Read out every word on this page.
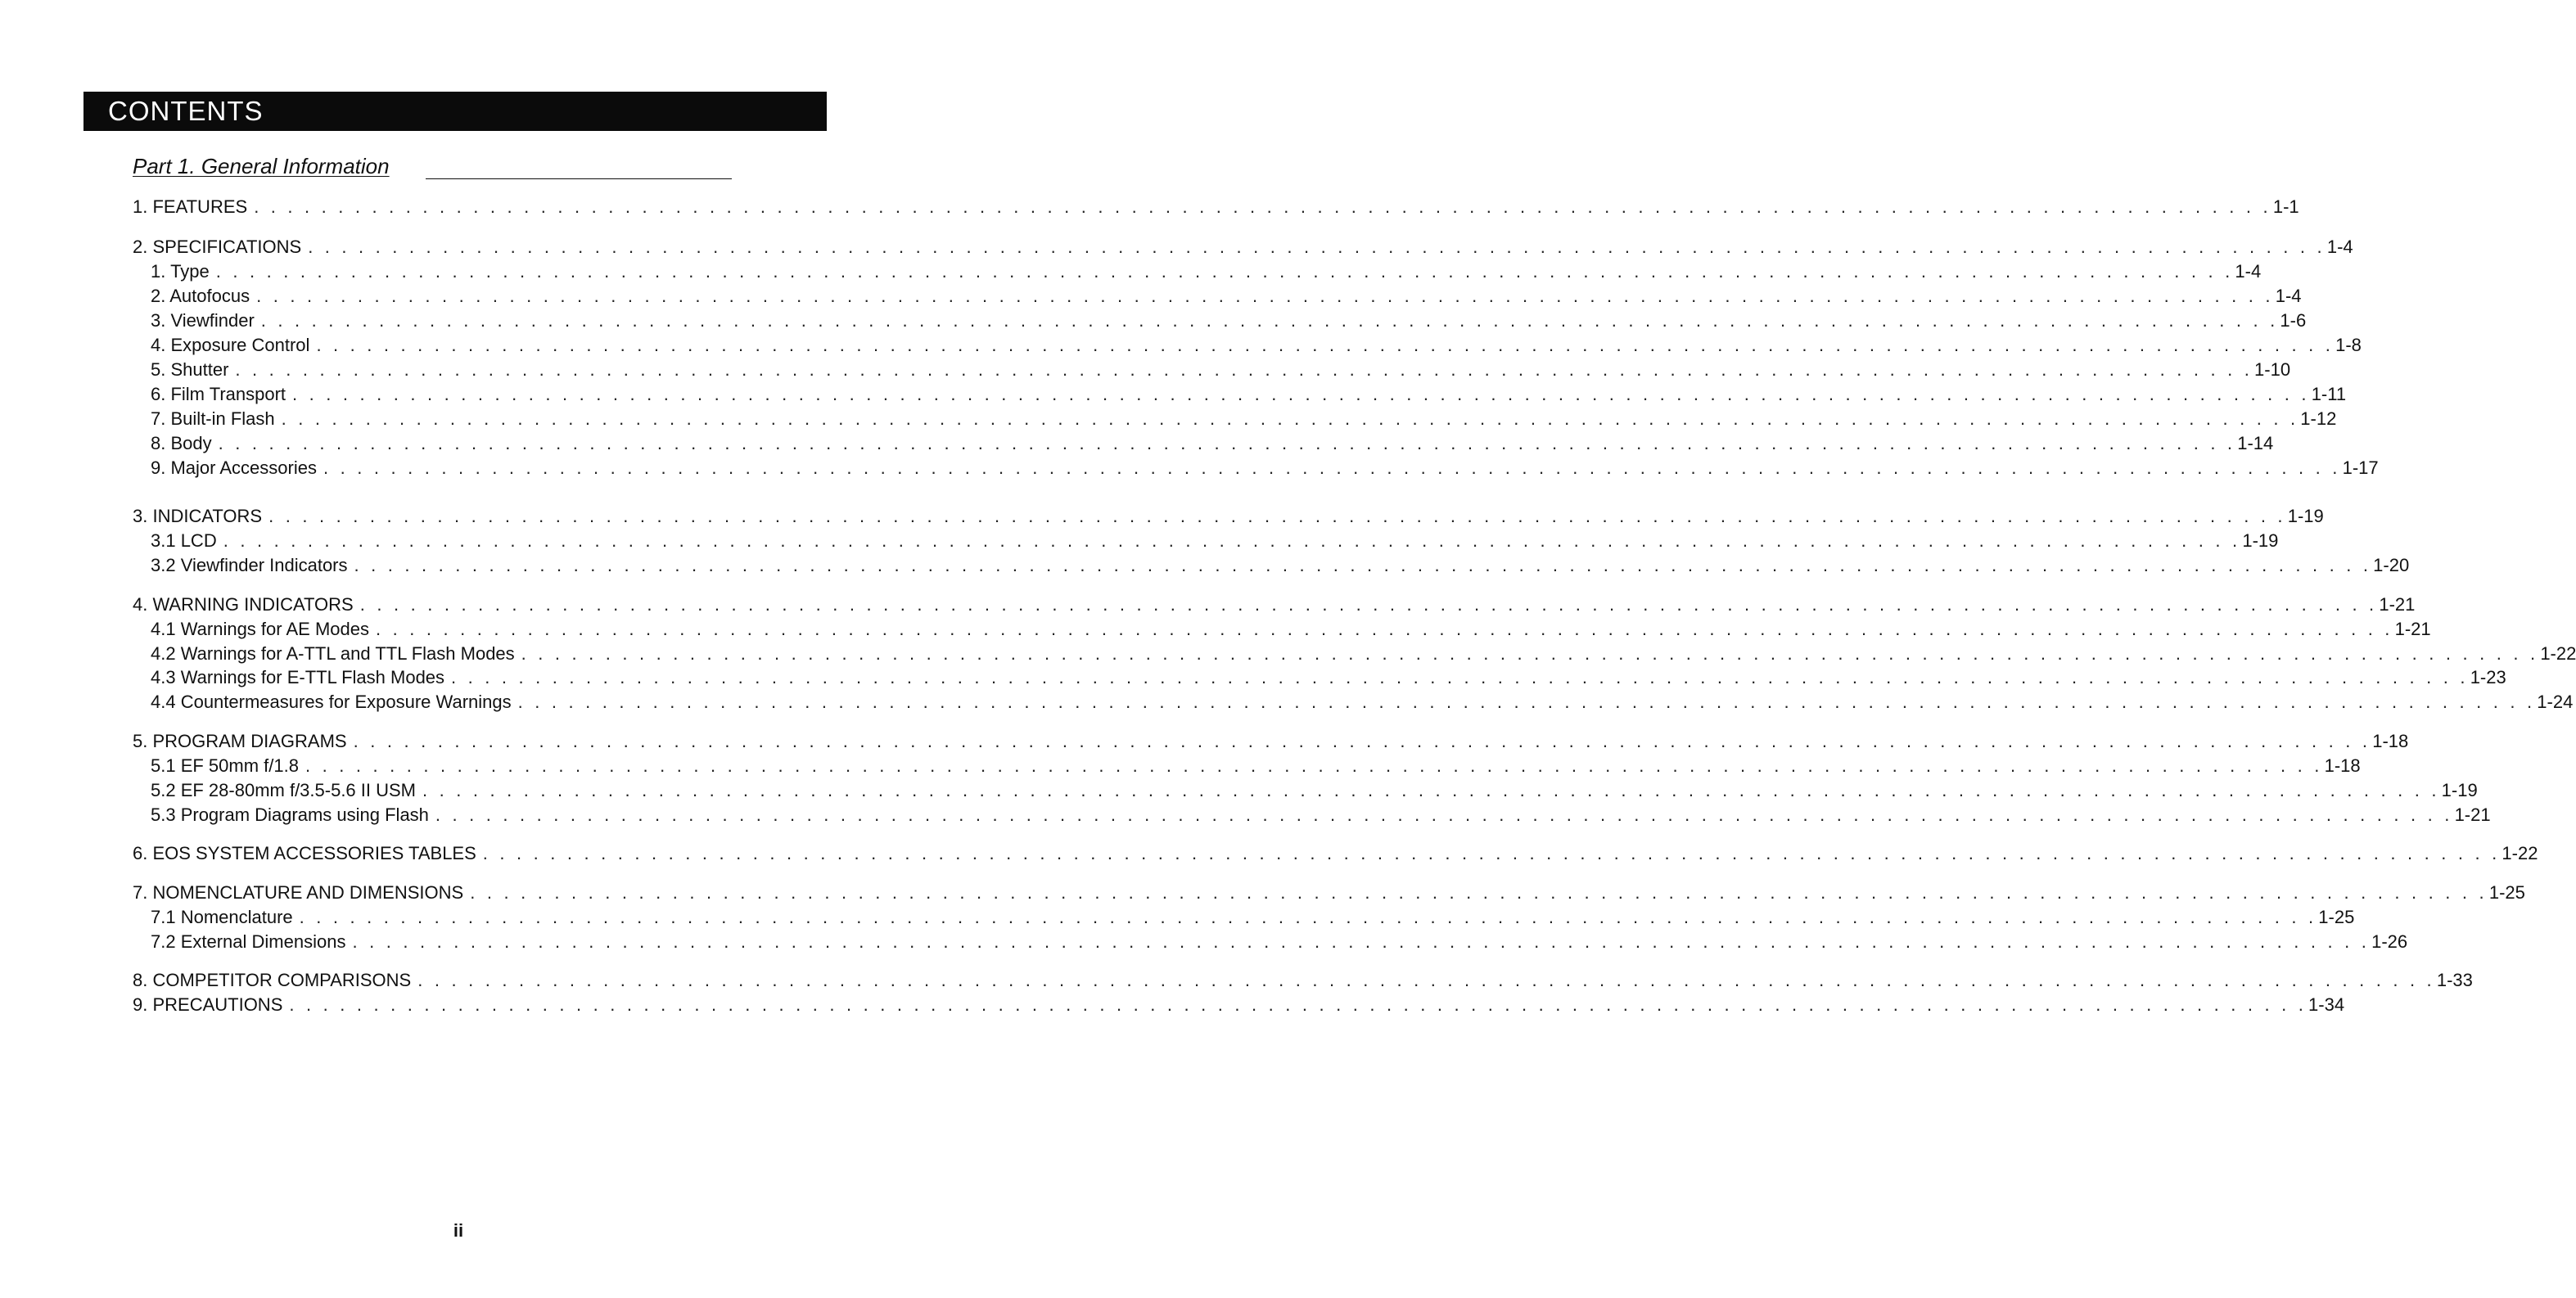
CONTENTS
Part 1. General Information
1. FEATURES . . . . . . . . . . . . . . . . . . . . . . . . . . . . . . . . . . . . . . . . . . . . . . . . . . . . . . . . . . . . . . . . . . . . . . . . . . . . . . . . . . . . . . . . . . . . . . . . . . . . . . . . . . . . . . . . . . . . . . . . 1-1
2. SPECIFICATIONS . . . . . . . . . . . . . . . . . . . . . . . . . . . . . . . . . . . . . . . . . . . . . . . . . . . . . . . . . . . . . . . . . . . . . . . . . . . . . . . . . . . . . . . . . . . . . . . . . . . . . . . . . . . . . . . . . . . . . . . . 1-4
1. Type . . . . . . . . . . . . . . . . . . . . . . . . . . . . . . . . . . . . . . . . . . . . . . . . . . . . . . . . . . . . . . . . . . . . . . . . . . . . . . . . . . . . . . . . . . . . . . . . . . . . . . . . . . . . . . . . . . . . . . . . 1-4
2. Autofocus . . . . . . . . . . . . . . . . . . . . . . . . . . . . . . . . . . . . . . . . . . . . . . . . . . . . . . . . . . . . . . . . . . . . . . . . . . . . . . . . . . . . . . . . . . . . . . . . . . . . . . . . . . . . . . . . . . . . . . . . 1-4
3. Viewfinder . . . . . . . . . . . . . . . . . . . . . . . . . . . . . . . . . . . . . . . . . . . . . . . . . . . . . . . . . . . . . . . . . . . . . . . . . . . . . . . . . . . . . . . . . . . . . . . . . . . . . . . . . . . . . . . . . . . . . . . . 1-6
4. Exposure Control . . . . . . . . . . . . . . . . . . . . . . . . . . . . . . . . . . . . . . . . . . . . . . . . . . . . . . . . . . . . . . . . . . . . . . . . . . . . . . . . . . . . . . . . . . . . . . . . . . . . . . . . . . . . . . . . . . . . . . . . 1-8
5. Shutter . . . . . . . . . . . . . . . . . . . . . . . . . . . . . . . . . . . . . . . . . . . . . . . . . . . . . . . . . . . . . . . . . . . . . . . . . . . . . . . . . . . . . . . . . . . . . . . . . . . . . . . . . . . . . . . . . . . . . . . . 1-10
6. Film Transport . . . . . . . . . . . . . . . . . . . . . . . . . . . . . . . . . . . . . . . . . . . . . . . . . . . . . . . . . . . . . . . . . . . . . . . . . . . . . . . . . . . . . . . . . . . . . . . . . . . . . . . . . . . . . . . . . . . . . . . . 1-11
7. Built-in Flash . . . . . . . . . . . . . . . . . . . . . . . . . . . . . . . . . . . . . . . . . . . . . . . . . . . . . . . . . . . . . . . . . . . . . . . . . . . . . . . . . . . . . . . . . . . . . . . . . . . . . . . . . . . . . . . . . . . . . . . . 1-12
8. Body . . . . . . . . . . . . . . . . . . . . . . . . . . . . . . . . . . . . . . . . . . . . . . . . . . . . . . . . . . . . . . . . . . . . . . . . . . . . . . . . . . . . . . . . . . . . . . . . . . . . . . . . . . . . . . . . . . . . . . . . 1-14
9. Major Accessories . . . . . . . . . . . . . . . . . . . . . . . . . . . . . . . . . . . . . . . . . . . . . . . . . . . . . . . . . . . . . . . . . . . . . . . . . . . . . . . . . . . . . . . . . . . . . . . . . . . . . . . . . . . . . . . . . . . . . . . . 1-17
3. INDICATORS . . . . . . . . . . . . . . . . . . . . . . . . . . . . . . . . . . . . . . . . . . . . . . . . . . . . . . . . . . . . . . . . . . . . . . . . . . . . . . . . . . . . . . . . . . . . . . . . . . . . . . . . . . . . . . . . . . . . . . . . 1-19
3.1 LCD . . . . . . . . . . . . . . . . . . . . . . . . . . . . . . . . . . . . . . . . . . . . . . . . . . . . . . . . . . . . . . . . . . . . . . . . . . . . . . . . . . . . . . . . . . . . . . . . . . . . . . . . . . . . . . . . . . . . . . . . 1-19
3.2 Viewfinder Indicators . . . . . . . . . . . . . . . . . . . . . . . . . . . . . . . . . . . . . . . . . . . . . . . . . . . . . . . . . . . . . . . . . . . . . . . . . . . . . . . . . . . . . . . . . . . . . . . . . . . . . . . . . . . . . . . . . . . . . . . . 1-20
4. WARNING INDICATORS . . . . . . . . . . . . . . . . . . . . . . . . . . . . . . . . . . . . . . . . . . . . . . . . . . . . . . . . . . . . . . . . . . . . . . . . . . . . . . . . . . . . . . . . . . . . . . . . . . . . . . . . . . . . . . . . . . . . . . . . 1-21
4.1 Warnings for AE Modes . . . . . . . . . . . . . . . . . . . . . . . . . . . . . . . . . . . . . . . . . . . . . . . . . . . . . . . . . . . . . . . . . . . . . . . . . . . . . . . . . . . . . . . . . . . . . . . . . . . . . . . . . . . . . . . . . . . . . . . . 1-21
4.2 Warnings for A-TTL and TTL Flash Modes . . . . . . . . . . . . . . . . . . . . . . . . . . . . . . . . . . . . . . . . . . . . . . . . . . . . . . . . . . . . . . . . . . . . . . . . . . . . . . . . . . . . . . . . . . . . . . . . . . . . . . . . . . . . . . . . . . . . . . . . 1-22
4.3 Warnings for E-TTL Flash Modes . . . . . . . . . . . . . . . . . . . . . . . . . . . . . . . . . . . . . . . . . . . . . . . . . . . . . . . . . . . . . . . . . . . . . . . . . . . . . . . . . . . . . . . . . . . . . . . . . . . . . . . . . . . . . . . . . . . . . . . . 1-23
4.4 Countermeasures for Exposure Warnings . . . . . . . . . . . . . . . . . . . . . . . . . . . . . . . . . . . . . . . . . . . . . . . . . . . . . . . . . . . . . . . . . . . . . . . . . . . . . . . . . . . . . . . . . . . . . . . . . . . . . . . . . . . . . . . . . . . . . . . . 1-24
5. PROGRAM DIAGRAMS . . . . . . . . . . . . . . . . . . . . . . . . . . . . . . . . . . . . . . . . . . . . . . . . . . . . . . . . . . . . . . . . . . . . . . . . . . . . . . . . . . . . . . . . . . . . . . . . . . . . . . . . . . . . . . . . . . . . . . . . 1-18
5.1 EF 50mm f/1.8 . . . . . . . . . . . . . . . . . . . . . . . . . . . . . . . . . . . . . . . . . . . . . . . . . . . . . . . . . . . . . . . . . . . . . . . . . . . . . . . . . . . . . . . . . . . . . . . . . . . . . . . . . . . . . . . . . . . . . . . . 1-18
5.2 EF 28-80mm f/3.5-5.6 II USM . . . . . . . . . . . . . . . . . . . . . . . . . . . . . . . . . . . . . . . . . . . . . . . . . . . . . . . . . . . . . . . . . . . . . . . . . . . . . . . . . . . . . . . . . . . . . . . . . . . . . . . . . . . . . . . . . . . . . . . . 1-19
5.3 Program Diagrams using Flash . . . . . . . . . . . . . . . . . . . . . . . . . . . . . . . . . . . . . . . . . . . . . . . . . . . . . . . . . . . . . . . . . . . . . . . . . . . . . . . . . . . . . . . . . . . . . . . . . . . . . . . . . . . . . . . . . . . . . . . . 1-21
6. EOS SYSTEM ACCESSORIES TABLES . . . . . . . . . . . . . . . . . . . . . . . . . . . . . . . . . . . . . . . . . . . . . . . . . . . . . . . . . . . . . . . . . . . . . . . . . . . . . . . . . . . . . . . . . . . . . . . . . . . . . . . . . . . . . . . . . . . . . . . . 1-22
7. NOMENCLATURE AND DIMENSIONS . . . . . . . . . . . . . . . . . . . . . . . . . . . . . . . . . . . . . . . . . . . . . . . . . . . . . . . . . . . . . . . . . . . . . . . . . . . . . . . . . . . . . . . . . . . . . . . . . . . . . . . . . . . . . . . . . . . . . . . . 1-25
7.1 Nomenclature . . . . . . . . . . . . . . . . . . . . . . . . . . . . . . . . . . . . . . . . . . . . . . . . . . . . . . . . . . . . . . . . . . . . . . . . . . . . . . . . . . . . . . . . . . . . . . . . . . . . . . . . . . . . . . . . . . . . . . . . 1-25
7.2 External Dimensions . . . . . . . . . . . . . . . . . . . . . . . . . . . . . . . . . . . . . . . . . . . . . . . . . . . . . . . . . . . . . . . . . . . . . . . . . . . . . . . . . . . . . . . . . . . . . . . . . . . . . . . . . . . . . . . . . . . . . . . . 1-26
8. COMPETITOR COMPARISONS . . . . . . . . . . . . . . . . . . . . . . . . . . . . . . . . . . . . . . . . . . . . . . . . . . . . . . . . . . . . . . . . . . . . . . . . . . . . . . . . . . . . . . . . . . . . . . . . . . . . . . . . . . . . . . . . . . . . . . . . 1-33
9. PRECAUTIONS . . . . . . . . . . . . . . . . . . . . . . . . . . . . . . . . . . . . . . . . . . . . . . . . . . . . . . . . . . . . . . . . . . . . . . . . . . . . . . . . . . . . . . . . . . . . . . . . . . . . . . . . . . . . . . . . . . . . . . . . 1-34
ii
